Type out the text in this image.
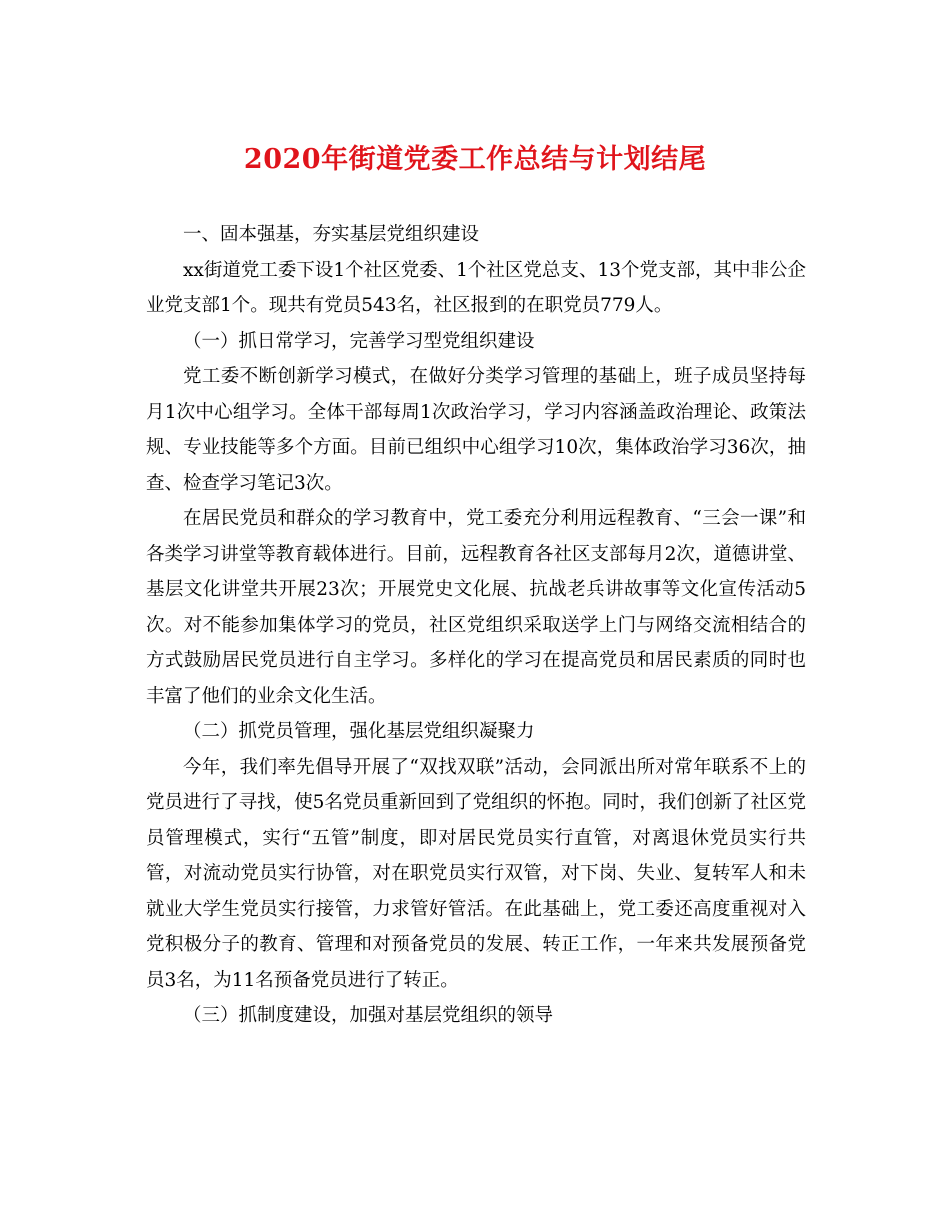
2020年街道党委工作总结与计划结尾

一、固本强基，夯实基层党组织建设

xx街道党工委下设1个社区党委、1个社区党总支、13个党支部，其中非公企业党支部1个。现共有党员543名，社区报到的在职党员779人。

（一）抓日常学习，完善学习型党组织建设

党工委不断创新学习模式，在做好分类学习管理的基础上，班子成员坚持每月1次中心组学习。全体干部每周1次政治学习，学习内容涵盖政治理论、政策法规、专业技能等多个方面。目前已组织中心组学习10次，集体政治学习36次，抽查、检查学习笔记3次。

在居民党员和群众的学习教育中，党工委充分利用远程教育、“三会一课”和各类学习讲堂等教育载体进行。目前，远程教育各社区支部每月2次，道德讲堂、基层文化讲堂共开展23次；开展党史文化展、抗战老兵讲故事等文化宣传活动5次。对不能参加集体学习的党员，社区党组织采取送学上门与网络交流相结合的方式鼓励居民党员进行自主学习。多样化的学习在提高党员和居民素质的同时也丰富了他们的业余文化生活。

（二）抓党员管理，强化基层党组织凝聚力

今年，我们率先倡导开展了“双找双联”活动，会同派出所对常年联系不上的党员进行了寻找，使5名党员重新回到了党组织的怀抱。同时，我们创新了社区党员管理模式，实行“五管”制度，即对居民党员实行直管，对离退休党员实行共管，对流动党员实行协管，对在职党员实行双管，对下岗、失业、复转军人和未就业大学生党员实行接管，力求管好管活。在此基础上，党工委还高度重视对入党积极分子的教育、管理和对预备党员的发展、转正工作，一年来共发展预备党员3名，为11名预备党员进行了转正。

（三）抓制度建设，加强对基层党组织的领导
